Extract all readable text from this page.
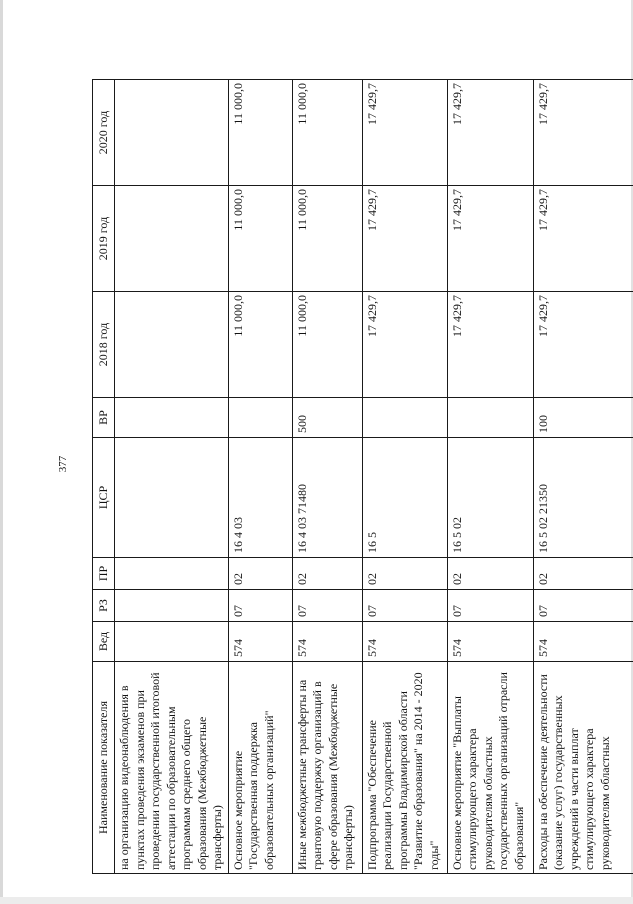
377
Наименование показателя	Вед	РЗ	ПР	ЦСР	ВР	2018 год	2019 год	2020 год
на организацию видеонаблюдения в пунктах проведения экзаменов при проведении государственной итоговой аттестации по образовательным программам среднего общего образования (Межбюджетные трансферты)								
Основное мероприятие "Государственная поддержка образовательных организаций"	574	07	02	16 4 03		11 000,0	11 000,0	11 000,0
Иные межбюджетные трансферты на грантовую поддержку организаций в сфере образования (Межбюджетные трансферты)	574	07	02	16 4 03 71480	500	11 000,0	11 000,0	11 000,0
Подпрограмма "Обеспечение реализации Государственной программы Владимирской области "Развитие образования" на 2014 - 2020 годы"	574	07	02	16 5		17 429,7	17 429,7	17 429,7
Основное мероприятие "Выплаты стимулирующего характера руководителям областных государственных организаций отрасли образования"	574	07	02	16 5 02		17 429,7	17 429,7	17 429,7
Расходы на обеспечение деятельности (оказание услуг) государственных учреждений в части выплат стимулирующего характера руководителям областных	574	07	02	16 5 02 21350	100	17 429,7	17 429,7	17 429,7
